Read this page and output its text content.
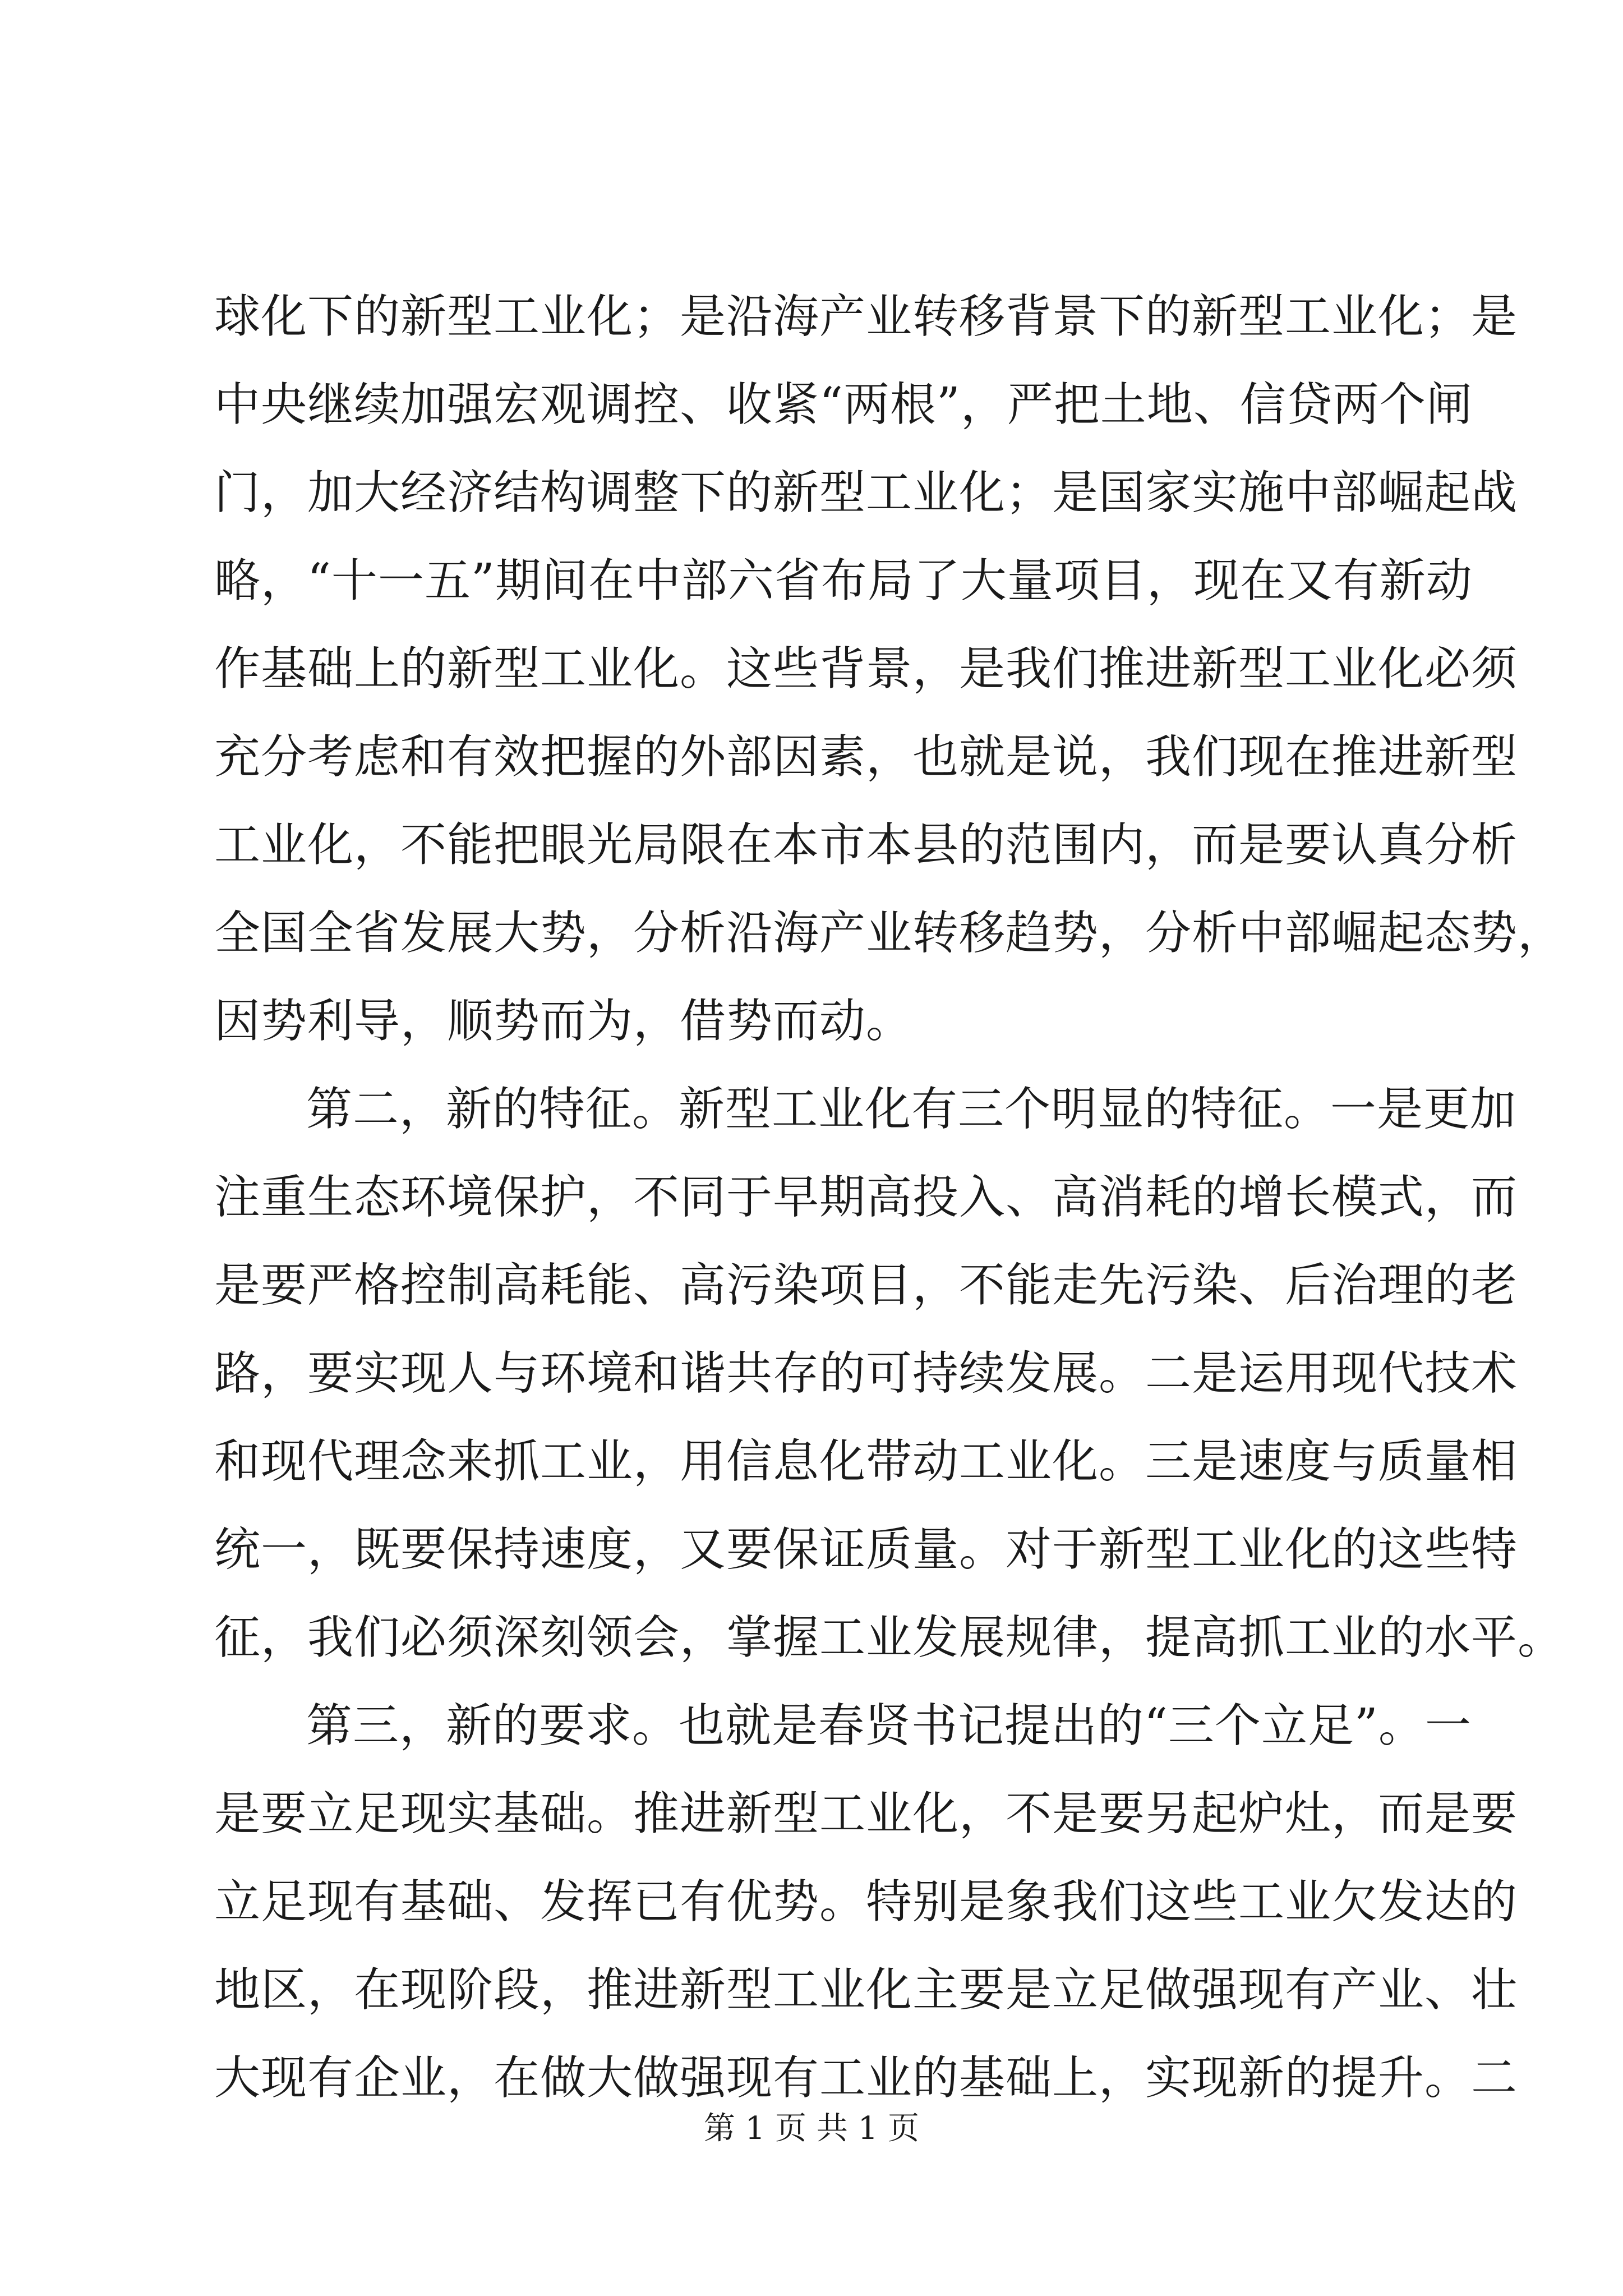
球化下的新型工业化；是沿海产业转移背景下的新型工业化；是
中央继续加强宏观调控、收紧“两根”，严把土地、信贷两个闸
门，加大经济结构调整下的新型工业化；是国家实施中部崛起战
略，“十一五”期间在中部六省布局了大量项目，现在又有新动
作基础上的新型工业化。这些背景，是我们推进新型工业化必须
充分考虑和有效把握的外部因素，也就是说，我们现在推进新型
工业化，不能把眼光局限在本市本县的范围内，而是要认真分析
全国全省发展大势，分析沿海产业转移趋势，分析中部崛起态势，
因势利导，顺势而为，借势而动。
第二，新的特征。新型工业化有三个明显的特征。一是更加
注重生态环境保护，不同于早期高投入、高消耗的增长模式，而
是要严格控制高耗能、高污染项目，不能走先污染、后治理的老
路，要实现人与环境和谐共存的可持续发展。二是运用现代技术
和现代理念来抓工业，用信息化带动工业化。三是速度与质量相
统一，既要保持速度，又要保证质量。对于新型工业化的这些特
征，我们必须深刻领会，掌握工业发展规律，提高抓工业的水平。
第三，新的要求。也就是春贤书记提出的“三个立足”。一
是要立足现实基础。推进新型工业化，不是要另起炉灶，而是要
立足现有基础、发挥已有优势。特别是象我们这些工业欠发达的
地区，在现阶段，推进新型工业化主要是立足做强现有产业、壮
大现有企业，在做大做强现有工业的基础上，实现新的提升。二
第 1 页 共 1 页
